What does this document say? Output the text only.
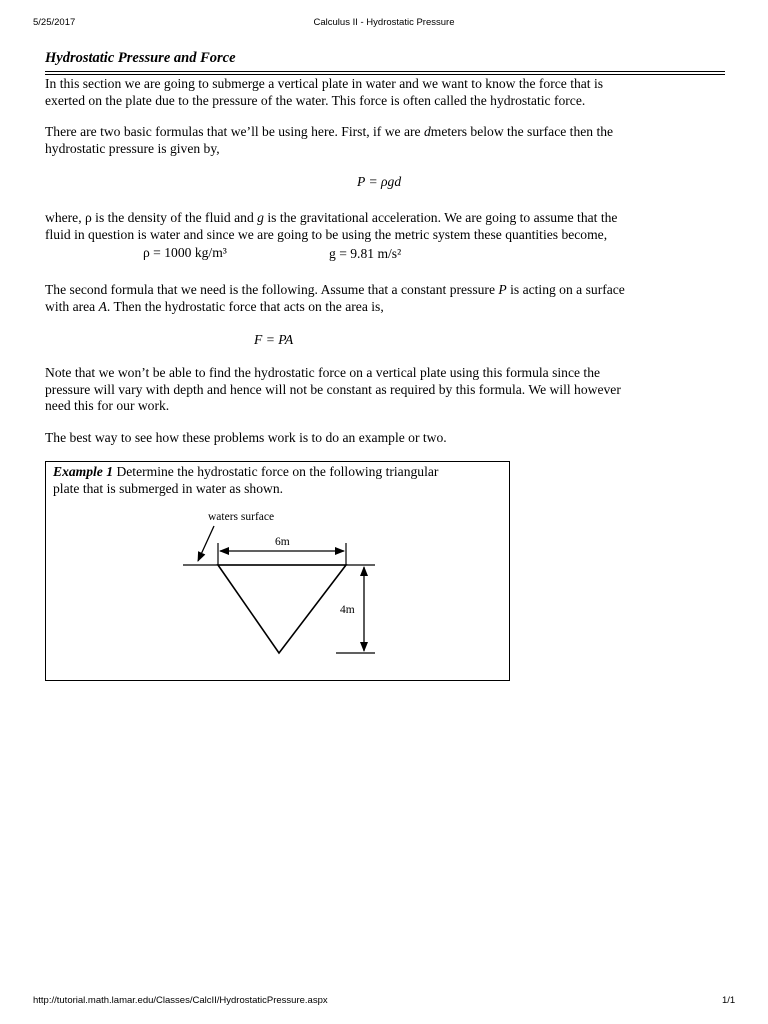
5/25/2017	Calculus II - Hydrostatic Pressure
Hydrostatic Pressure and Force
In this section we are going to submerge a vertical plate in water and we want to know the force that is
exerted on the plate due to the pressure of the water. This force is often called the hydrostatic force.
There are two basic formulas that we’ll be using here. First, if we are dmeters below the surface then the
hydrostatic pressure is given by,
P = ρgd
where, ρ is the density of the fluid and g is the gravitational acceleration. We are going to assume that the
fluid in question is water and since we are going to be using the metric system these quantities become,
ρ = 1000 kg/m³	g = 9.81 m/s²
The second formula that we need is the following. Assume that a constant pressure P is acting on a surface
with area A. Then the hydrostatic force that acts on the area is,
F = PA
Note that we won’t be able to find the hydrostatic force on a vertical plate using this formula since the
pressure will vary with depth and hence will not be constant as required by this formula. We will however
need this for our work.
The best way to see how these problems work is to do an example or two.
Example 1 Determine the hydrostatic force on the following triangular
plate that is submerged in water as shown.
6m
4m
waters surface
http://tutorial.math.lamar.edu/Classes/CalcII/HydrostaticPressure.aspx	1/1
